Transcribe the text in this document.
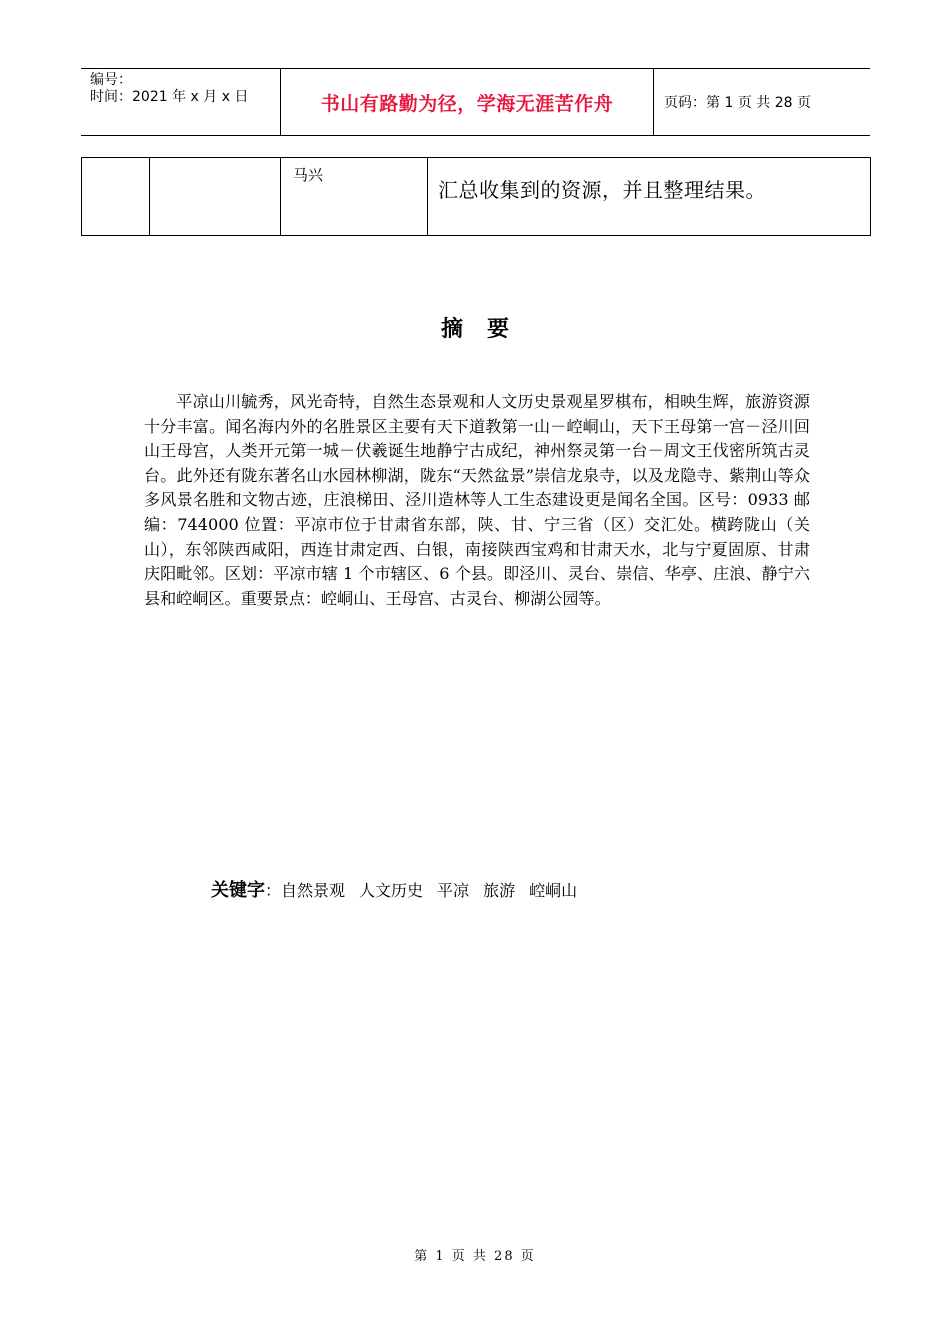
编号：
时间：2021 年 x 月 x 日	书山有路勤为径，学海无涯苦作舟	页码：第 1 页 共 28 页
马兴
汇总收集到的资源，并且整理结果。
摘要

平凉山川毓秀，风光奇特，自然生态景观和人文历史景观星罗棋布，相映生辉，旅游资源十分丰富。闻名海内外的名胜景区主要有天下道教第一山－崆峒山，天下王母第一宫－泾川回山王母宫，人类开元第一城－伏羲诞生地静宁古成纪，神州祭灵第一台－周文王伐密所筑古灵台。此外还有陇东著名山水园林柳湖，陇东“天然盆景”崇信龙泉寺，以及龙隐寺、紫荆山等众多风景名胜和文物古迹，庄浪梯田、泾川造林等人工生态建设更是闻名全国。区号：0933 邮编：744000 位置：平凉市位于甘肃省东部，陕、甘、宁三省（区）交汇处。横跨陇山（关山），东邻陕西咸阳，西连甘肃定西、白银，南接陕西宝鸡和甘肃天水，北与宁夏固原、甘肃庆阳毗邻。区划：平凉市辖 1 个市辖区、6 个县。即泾川、灵台、崇信、华亭、庄浪、静宁六县和崆峒区。重要景点：崆峒山、王母宫、古灵台、柳湖公园等。

关键字：自然景观 人文历史 平凉 旅游 崆峒山
第 1 页 共 28 页
